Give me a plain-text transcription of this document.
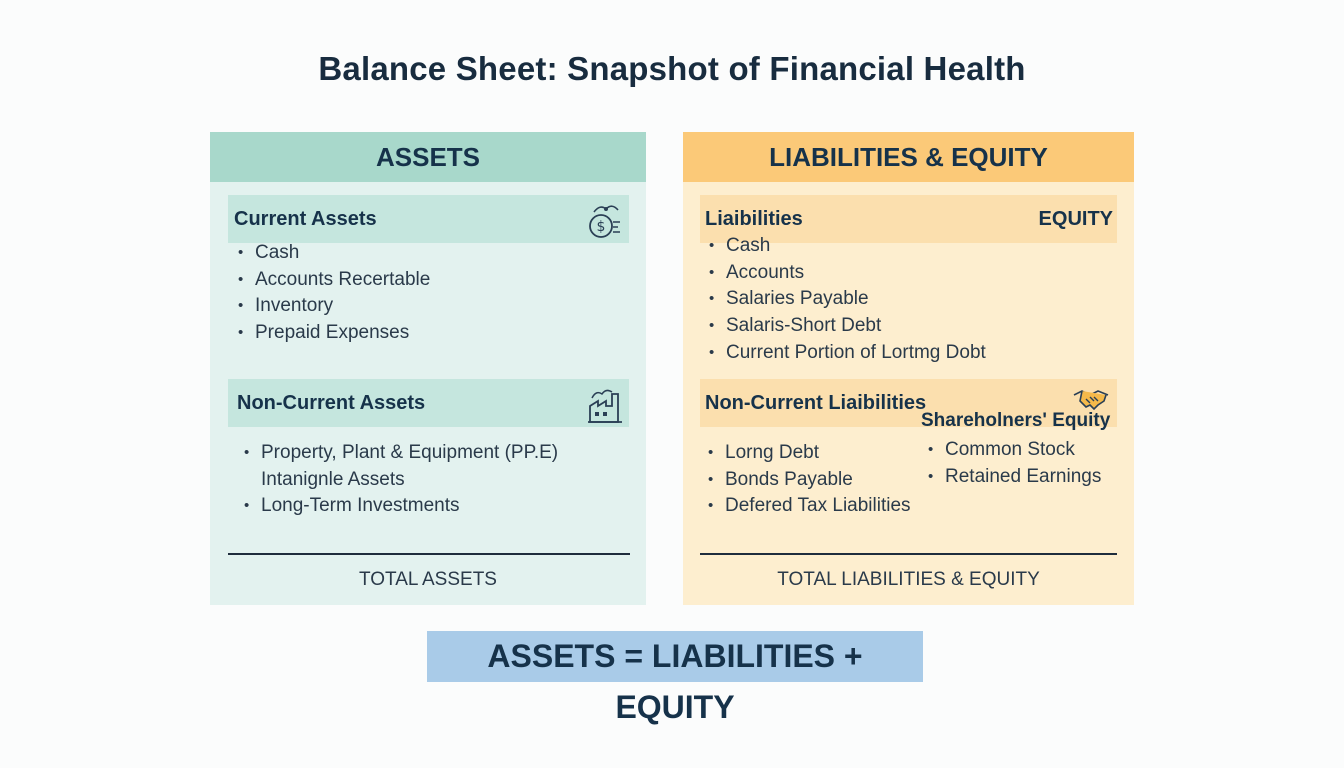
Balance Sheet: Snapshot of Financial Health
ASSETS
Current Assets	$
• Cash
• Accounts Recertable
• Inventory
• Prepaid Expenses
Non-Current Assets
• Property, Plant & Equipment (PP.E)
Intanignle Assets
• Long-Term Investments
TOTAL ASSETS
LIABILITIES & EQUITY
Liaibilities	EQUITY
• Cash
• Accounts
• Salaries Payable
• Salaris-Short Debt
• Current Portion of Lortmg Dobt
Non-Current Liaibilities
Shareholners' Equity
• Lorng Debt
• Bonds Payable
• Defered Tax Liabilities
• Common Stock
• Retained Earnings
TOTAL LIABILITIES & EQUITY
ASSETS = LIABILITIES + EQUITY
